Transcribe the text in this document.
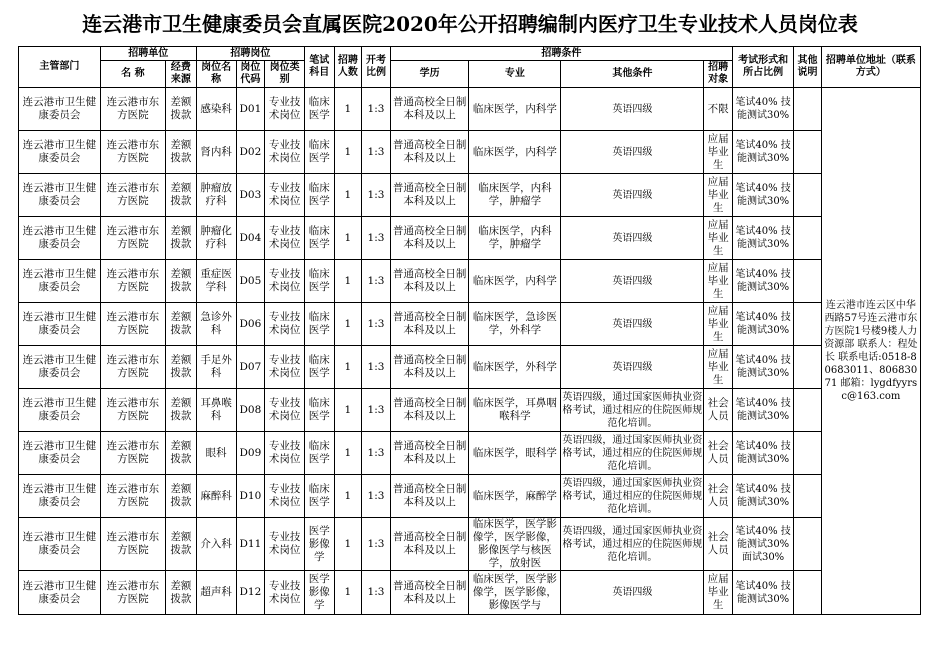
连云港市卫生健康委员会直属医院2020年公开招聘编制内医疗卫生专业技术人员岗位表
主管部门	招聘单位		招聘岗位			笔试科目	招聘人数	开考比例	招聘条件				考试形式和所占比例	其他说明	招聘单位地址（联系方式）
	名 称	经费来源	岗位名称	岗位代码	岗位类别				学历	专业	其他条件	招聘对象			
连云港市卫生健康委员会	连云港市东方医院	差额拨款	感染科	D01	专业技术岗位	临床医学	1	1:3	普通高校全日制本科及以上	临床医学，内科学	英语四级	不限	笔试40% 技能测试30%		连云港市连云区中华西路57号连云港市东方医院1号楼9楼人力资源部 联系人：程处长 联系电话:0518-80683011、80683071 邮箱：lygdfyyrsc@163.com
连云港市卫生健康委员会	连云港市东方医院	差额拨款	肾内科	D02	专业技术岗位	临床医学	1	1:3	普通高校全日制本科及以上	临床医学，内科学	英语四级	应届毕业生	笔试40% 技能测试30%		
连云港市卫生健康委员会	连云港市东方医院	差额拨款	肿瘤放疗科	D03	专业技术岗位	临床医学	1	1:3	普通高校全日制本科及以上	临床医学，内科学，肿瘤学	英语四级	应届毕业生	笔试40% 技能测试30%		
连云港市卫生健康委员会	连云港市东方医院	差额拨款	肿瘤化疗科	D04	专业技术岗位	临床医学	1	1:3	普通高校全日制本科及以上	临床医学，内科学，肿瘤学	英语四级	应届毕业生	笔试40% 技能测试30%		
连云港市卫生健康委员会	连云港市东方医院	差额拨款	重症医学科	D05	专业技术岗位	临床医学	1	1:3	普通高校全日制本科及以上	临床医学，内科学	英语四级	应届毕业生	笔试40% 技能测试30%		
连云港市卫生健康委员会	连云港市东方医院	差额拨款	急诊外科	D06	专业技术岗位	临床医学	1	1:3	普通高校全日制本科及以上	临床医学，急诊医学，外科学	英语四级	应届毕业生	笔试40% 技能测试30%		
连云港市卫生健康委员会	连云港市东方医院	差额拨款	手足外科	D07	专业技术岗位	临床医学	1	1:3	普通高校全日制本科及以上	临床医学，外科学	英语四级	应届毕业生	笔试40% 技能测试30%		
连云港市卫生健康委员会	连云港市东方医院	差额拨款	耳鼻喉科	D08	专业技术岗位	临床医学	1	1:3	普通高校全日制本科及以上	临床医学，耳鼻咽喉科学	英语四级，通过国家医师执业资格考试，通过相应的住院医师规范化培训。	社会人员	笔试40% 技能测试30%		
连云港市卫生健康委员会	连云港市东方医院	差额拨款	眼科	D09	专业技术岗位	临床医学	1	1:3	普通高校全日制本科及以上	临床医学，眼科学	英语四级，通过国家医师执业资格考试，通过相应的住院医师规范化培训。	社会人员	笔试40% 技能测试30%		
连云港市卫生健康委员会	连云港市东方医院	差额拨款	麻醉科	D10	专业技术岗位	临床医学	1	1:3	普通高校全日制本科及以上	临床医学，麻醉学	英语四级，通过国家医师执业资格考试，通过相应的住院医师规范化培训。	社会人员	笔试40% 技能测试30%		
连云港市卫生健康委员会	连云港市东方医院	差额拨款	介入科	D11	专业技术岗位	医学影像学	1	1:3	普通高校全日制本科及以上	临床医学，医学影像学，医学影像，影像医学与核医学，放射医	英语四级，通过国家医师执业资格考试，通过相应的住院医师规范化培训。	社会人员	笔试40% 技能测试30% 面试30%		
连云港市卫生健康委员会	连云港市东方医院	差额拨款	超声科	D12	专业技术岗位	医学影像学	1	1:3	普通高校全日制本科及以上	临床医学，医学影像学，医学影像，影像医学与	英语四级	应届毕业生	笔试40% 技能测试30%		
